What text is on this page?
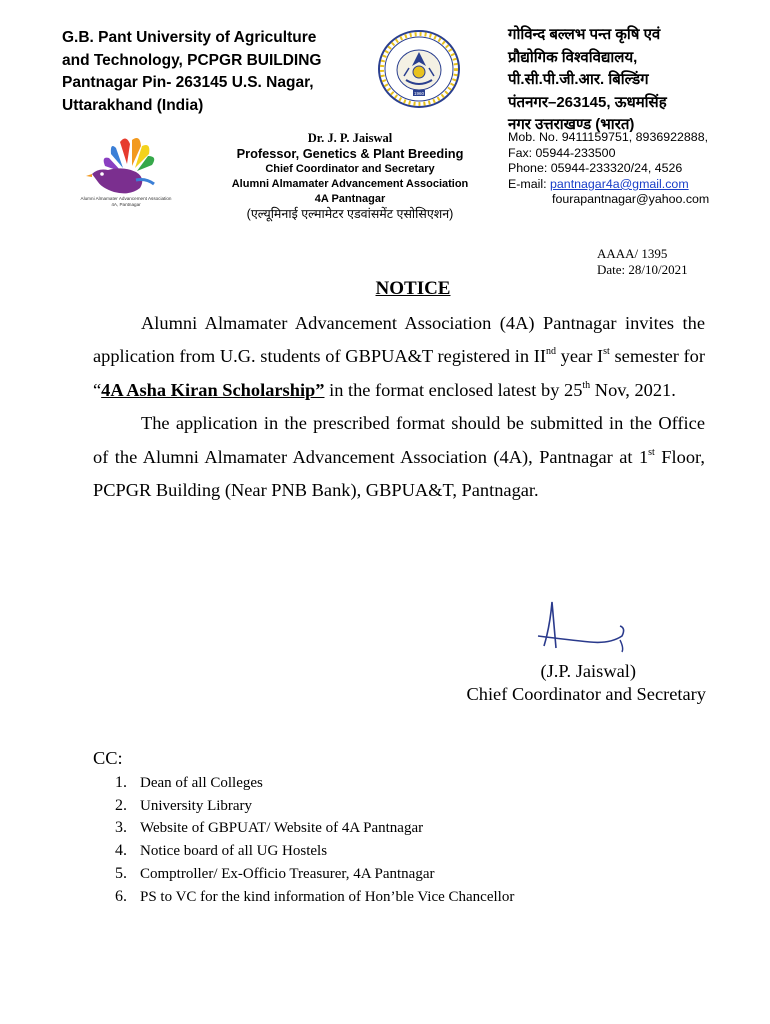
G.B. Pant University of Agriculture
and Technology, PCPGR BUILDING
Pantnagar Pin- 263145 U.S. Nagar,
Uttarakhand (India)
1960
गोविन्द बल्लभ पन्त कृषि एवं
प्रौद्योगिक विश्वविद्यालय,
पी.सी.पी.जी.आर. बिल्डिंग
पंतनगर–263145, ऊधमसिंह
नगर उत्तराखण्ड (भारत)
Alumni Almamater Advancement Association
4A, Pantnagar
Dr. J. P. Jaiswal
Professor, Genetics & Plant Breeding
Chief Coordinator and Secretary
Alumni Almamater Advancement Association
4A Pantnagar
(एल्यूमिनाई एल्मामेटर एडवांसमेंट एसोसिएशन)
Mob. No. 9411159751, 8936922888,
Fax: 05944-233500
Phone: 05944-233320/24, 4526
E-mail: pantnagar4a@gmail.com
fourapantnagar@yahoo.com
AAAA/ 1395
Date: 28/10/2021
NOTICE

Alumni Almamater Advancement Association (4A) Pantnagar invites the application from U.G. students of GBPUA&T registered in IInd year Ist semester for “4A Asha Kiran Scholarship” in the format enclosed latest by 25th Nov, 2021.

The application in the prescribed format should be submitted in the Office of the Alumni Almamater Advancement Association (4A), Pantnagar at 1st Floor, PCPGR Building (Near PNB Bank), GBPUA&T, Pantnagar.

(J.P. Jaiswal)
Chief Coordinator and Secretary
CC:
1. Dean of all Colleges
2. University Library
3. Website of GBPUAT/ Website of 4A Pantnagar
4. Notice board of all UG Hostels
5. Comptroller/ Ex-Officio Treasurer, 4A Pantnagar
6. PS to VC for the kind information of Hon’ble Vice Chancellor
